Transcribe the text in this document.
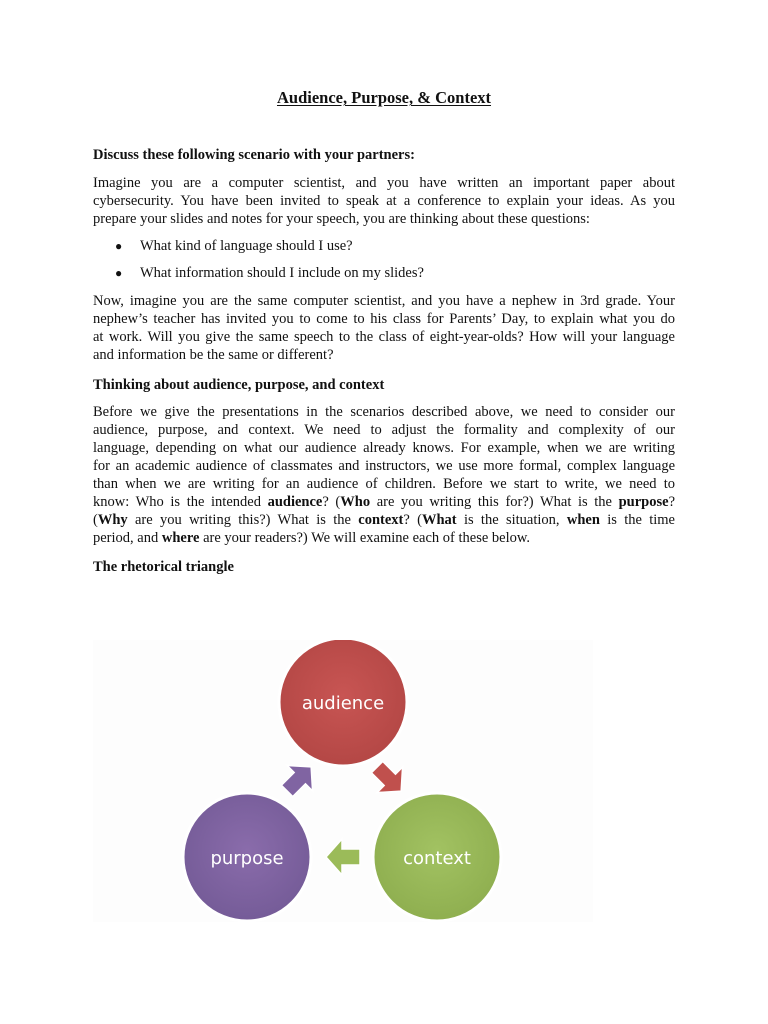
Audience, Purpose, & Context

Discuss these following scenario with your partners:

Imagine you are a computer scientist, and you have written an important paper about
cybersecurity. You have been invited to speak at a conference to explain your ideas. As you
prepare your slides and notes for your speech, you are thinking about these questions:

● What kind of language should I use?
● What information should I include on my slides?

Now, imagine you are the same computer scientist, and you have a nephew in 3rd grade. Your
nephew’s teacher has invited you to come to his class for Parents’ Day, to explain what you do
at work. Will you give the same speech to the class of eight-year-olds? How will your language
and information be the same or different?

Thinking about audience, purpose, and context

Before we give the presentations in the scenarios described above, we need to consider our
audience, purpose, and context. We need to adjust the formality and complexity of our
language, depending on what our audience already knows. For example, when we are writing
for an academic audience of classmates and instructors, we use more formal, complex language
than when we are writing for an audience of children. Before we start to write, we need to
know: Who is the intended audience? (Who are you writing this for?) What is the purpose?
(Why are you writing this?) What is the context? (What is the situation, when is the time
period, and where are your readers?) We will examine each of these below.

The rhetorical triangle

audience
purpose	context
